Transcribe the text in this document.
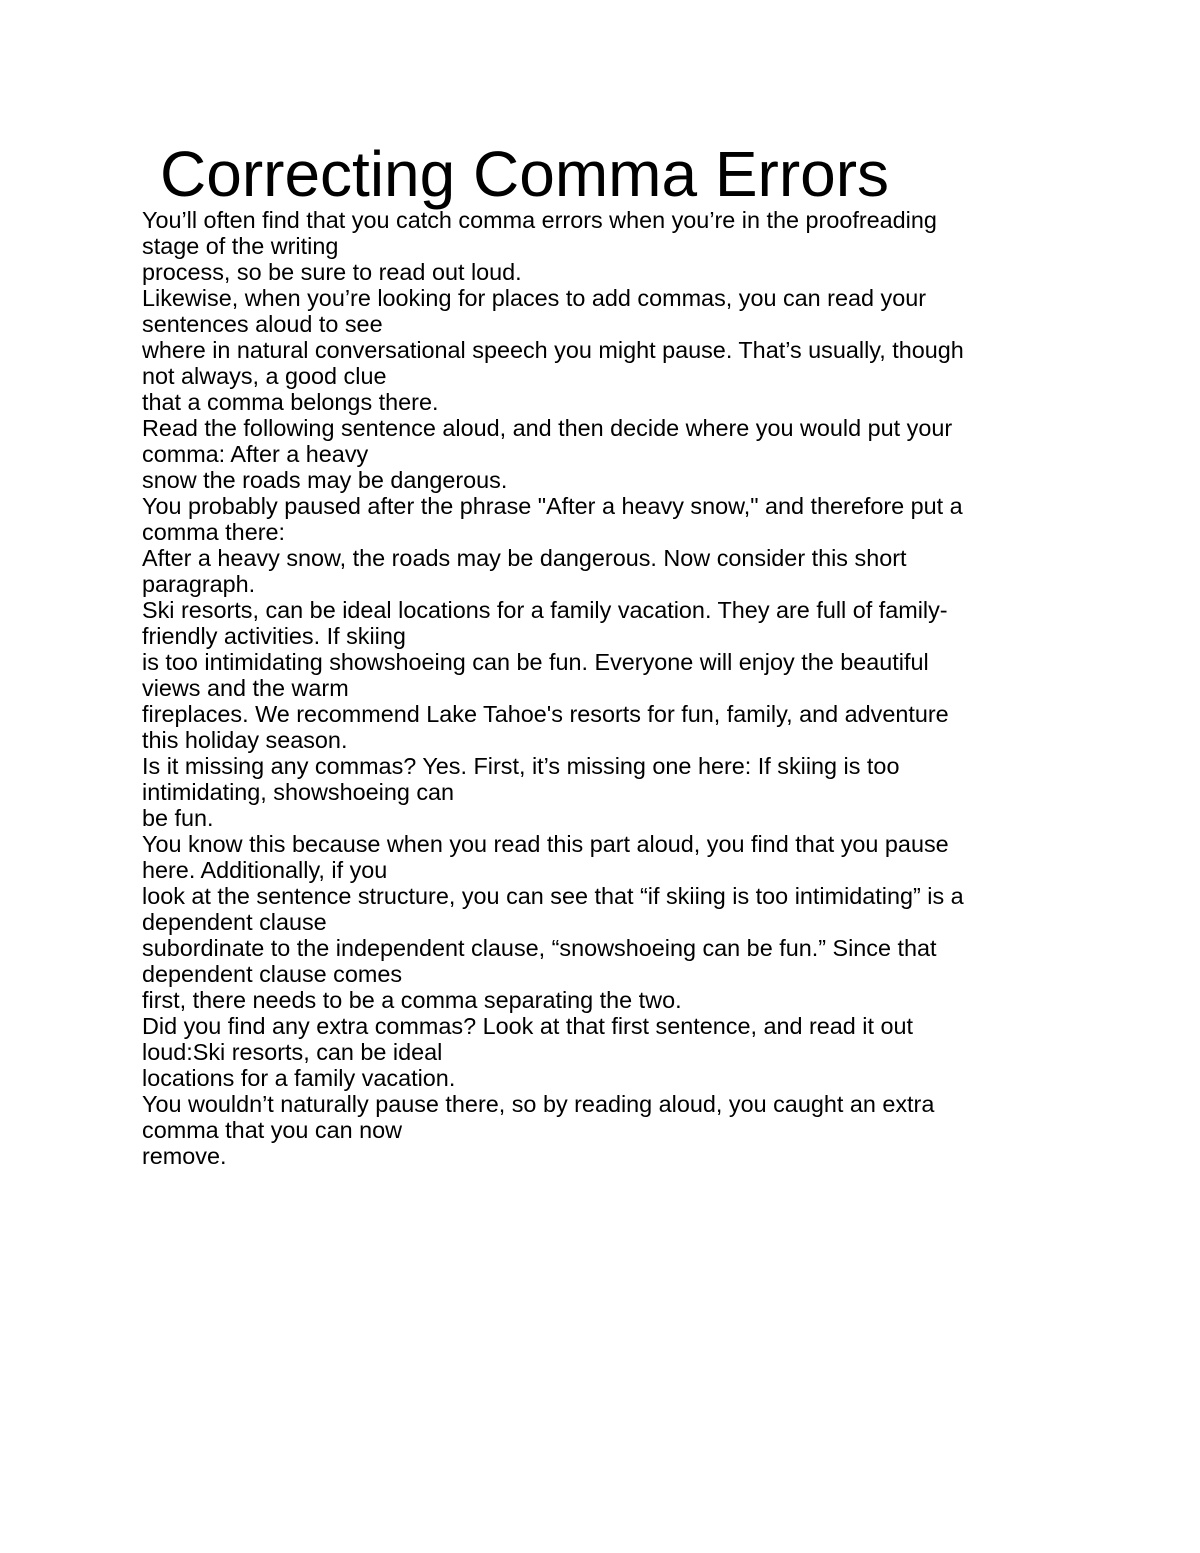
Correcting Comma Errors
You’ll often find that you catch comma errors when you’re in the proofreading
stage of the writing
process, so be sure to read out loud.
Likewise, when you’re looking for places to add commas, you can read your
sentences aloud to see
where in natural conversational speech you might pause. That’s usually, though
not always, a good clue
that a comma belongs there.
Read the following sentence aloud, and then decide where you would put your
comma: After a heavy
snow the roads may be dangerous.
You probably paused after the phrase "After a heavy snow," and therefore put a
comma there:
After a heavy snow, the roads may be dangerous. Now consider this short
paragraph.
Ski resorts, can be ideal locations for a family vacation. They are full of family-
friendly activities. If skiing
is too intimidating showshoeing can be fun. Everyone will enjoy the beautiful
views and the warm
fireplaces. We recommend Lake Tahoe's resorts for fun, family, and adventure
this holiday season.
Is it missing any commas? Yes. First, it’s missing one here: If skiing is too
intimidating, showshoeing can
be fun.
You know this because when you read this part aloud, you find that you pause
here. Additionally, if you
look at the sentence structure, you can see that “if skiing is too intimidating” is a
dependent clause
subordinate to the independent clause, “snowshoeing can be fun.” Since that
dependent clause comes
first, there needs to be a comma separating the two.
Did you find any extra commas? Look at that first sentence, and read it out
loud:Ski resorts, can be ideal
locations for a family vacation.
You wouldn’t naturally pause there, so by reading aloud, you caught an extra
comma that you can now
remove.
